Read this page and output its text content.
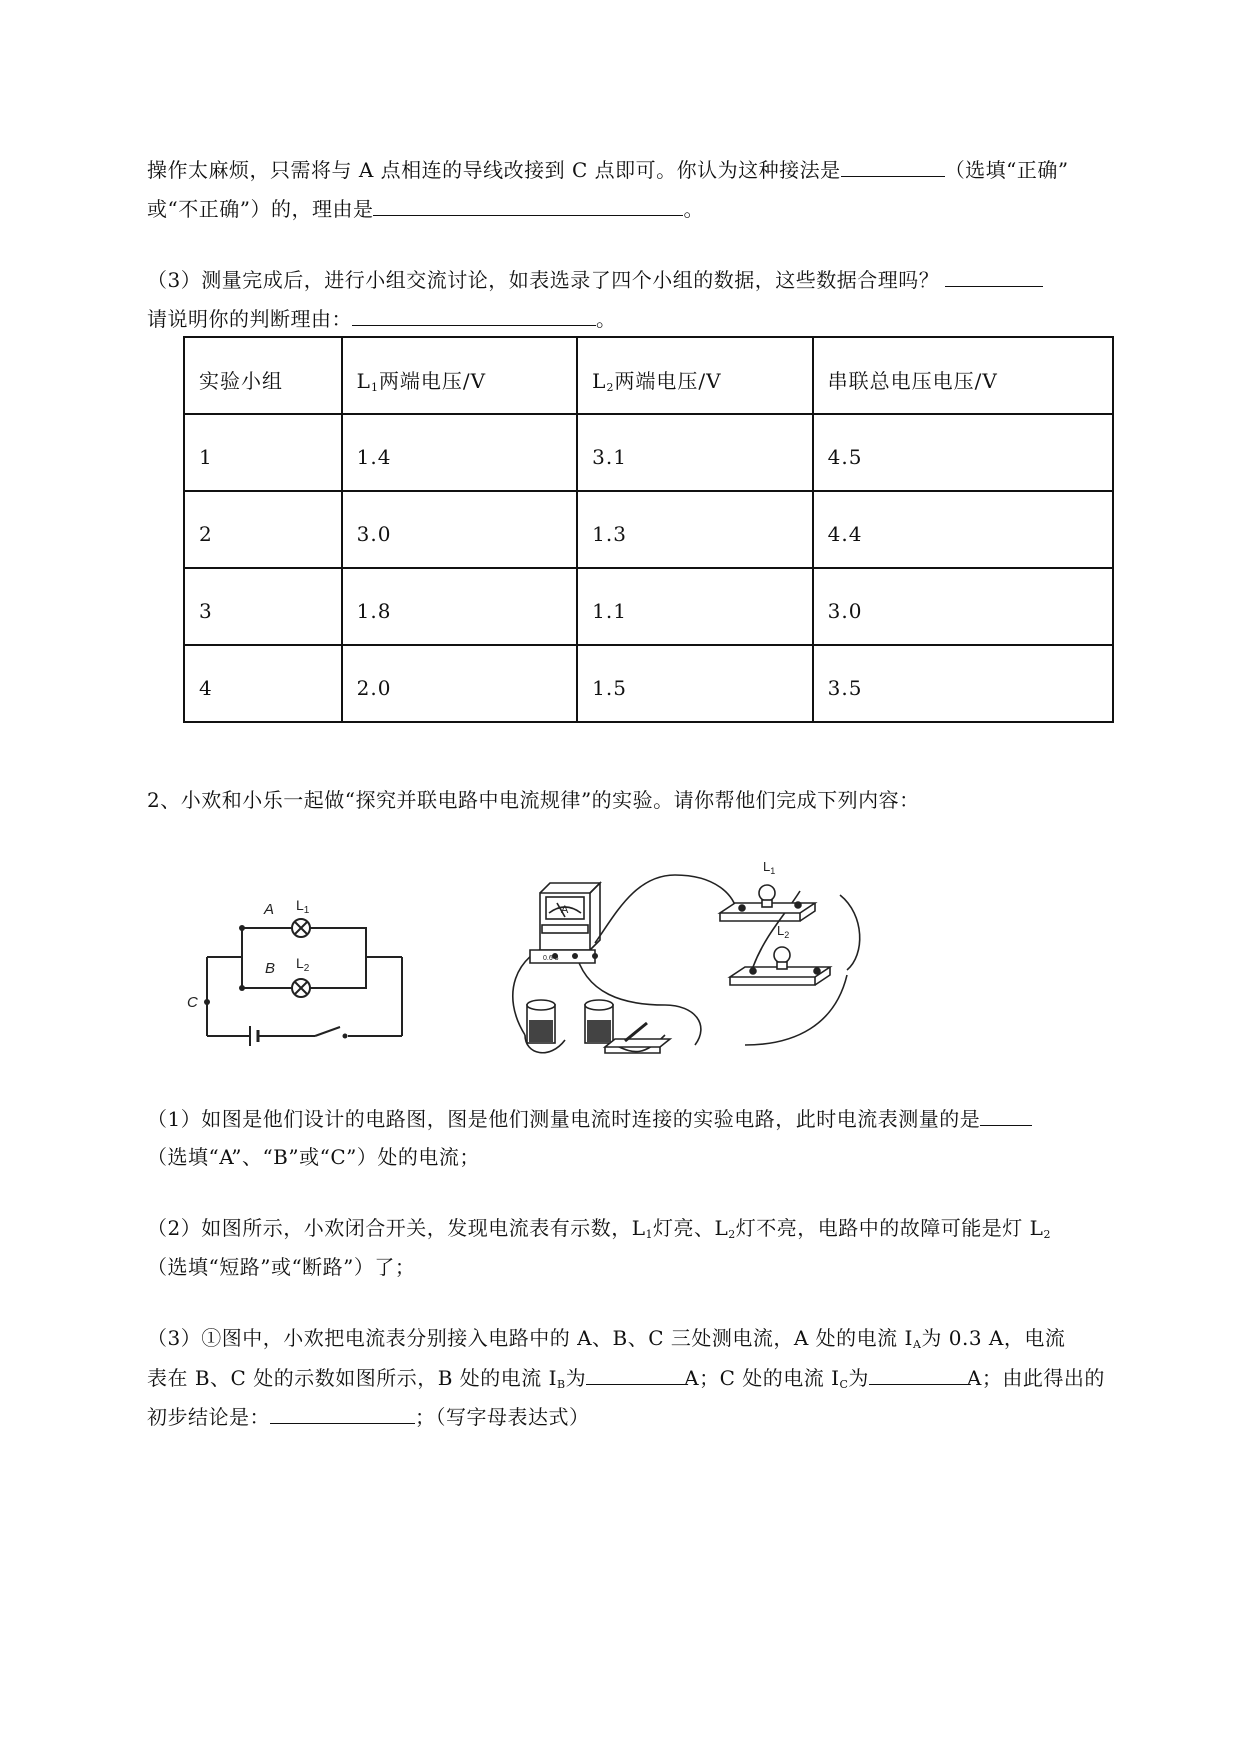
操作太麻烦，只需将与 A 点相连的导线改接到 C 点即可。你认为这种接法是	（选填“正确”
或“不正确”）的，理由是	。
（3）测量完成后，进行小组交流讨论，如表选录了四个小组的数据，这些数据合理吗？
请说明你的判断理由：	。
实验小组	$L_1$两端电压/V	$L_2$两端电压/V	串联总电压电压/V
1	1.4	3.1	4.5
2	3.0	1.3	4.4
3	1.8	1.1	3.0
4	2.0	1.5	3.5
2、小欢和小乐一起做“探究并联电路中电流规律”的实验。请你帮他们完成下列内容：
A
B
C
$L_1$
$L_2$
A
0.6 3
$L_1$
$L_2$
（1）如图是他们设计的电路图，图是他们测量电流时连接的实验电路，此时电流表测量的是
（选填“A”、“B”或“C”）处的电流；
（2）如图所示，小欢闭合开关，发现电流表有示数，$L_1$灯亮、$L_2$灯不亮，电路中的故障可能是灯 $L_2$
（选填“短路”或“断路”）了；
（3）①图中，小欢把电流表分别接入电路中的 A、B、C 三处测电流，A 处的电流 $I_A$为 0.3 A，电流
表在 B、C 处的示数如图所示，B 处的电流 $I_B$为	A；C 处的电流 $I_C$为	A；由此得出的
初步结论是：	；（写字母表达式）
